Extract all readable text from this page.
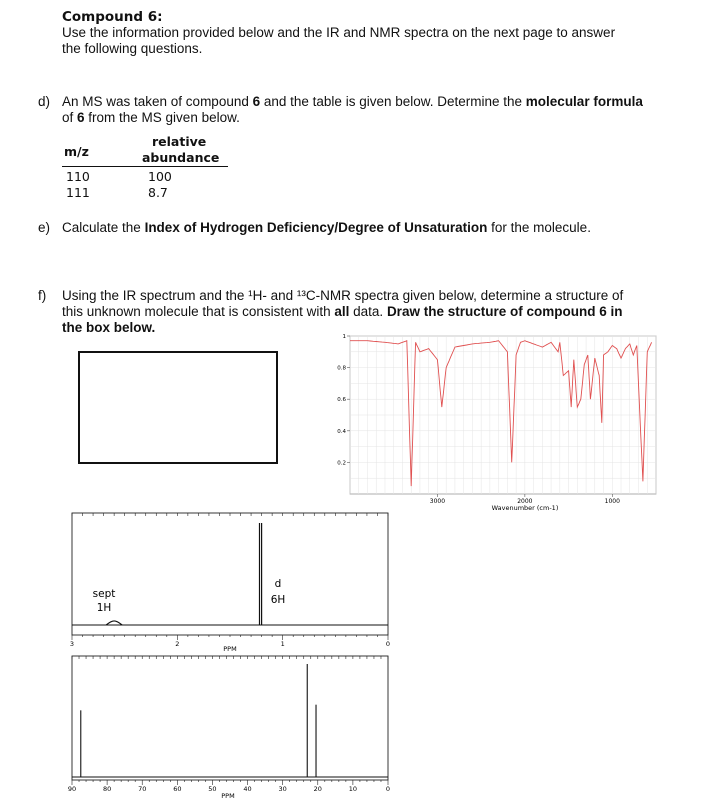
Compound 6:
Use the information provided below and the IR and NMR spectra on the next page to answer
the following questions.
d) An MS was taken of compound 6 and the table is given below. Determine the molecular formula
of 6 from the MS given below.
m/z
relative
abundance
110	100
111	8.7
e) Calculate the Index of Hydrogen Deficiency/Degree of Unsaturation for the molecule.
f)	Using the IR spectrum and the ¹H- and ¹³C-NMR spectra given below, determine a structure of
this unknown molecule that is consistent with all data. Draw the structure of compound 6 in
the box below.
1
0.8
0.6
0.4
0.2
3000	2000	1000
Wavenumber (cm-1)
3	2	1	0
sept
1H
d
6H
PPM
90	80	70	60	50	40	30	20	10	0
PPM
